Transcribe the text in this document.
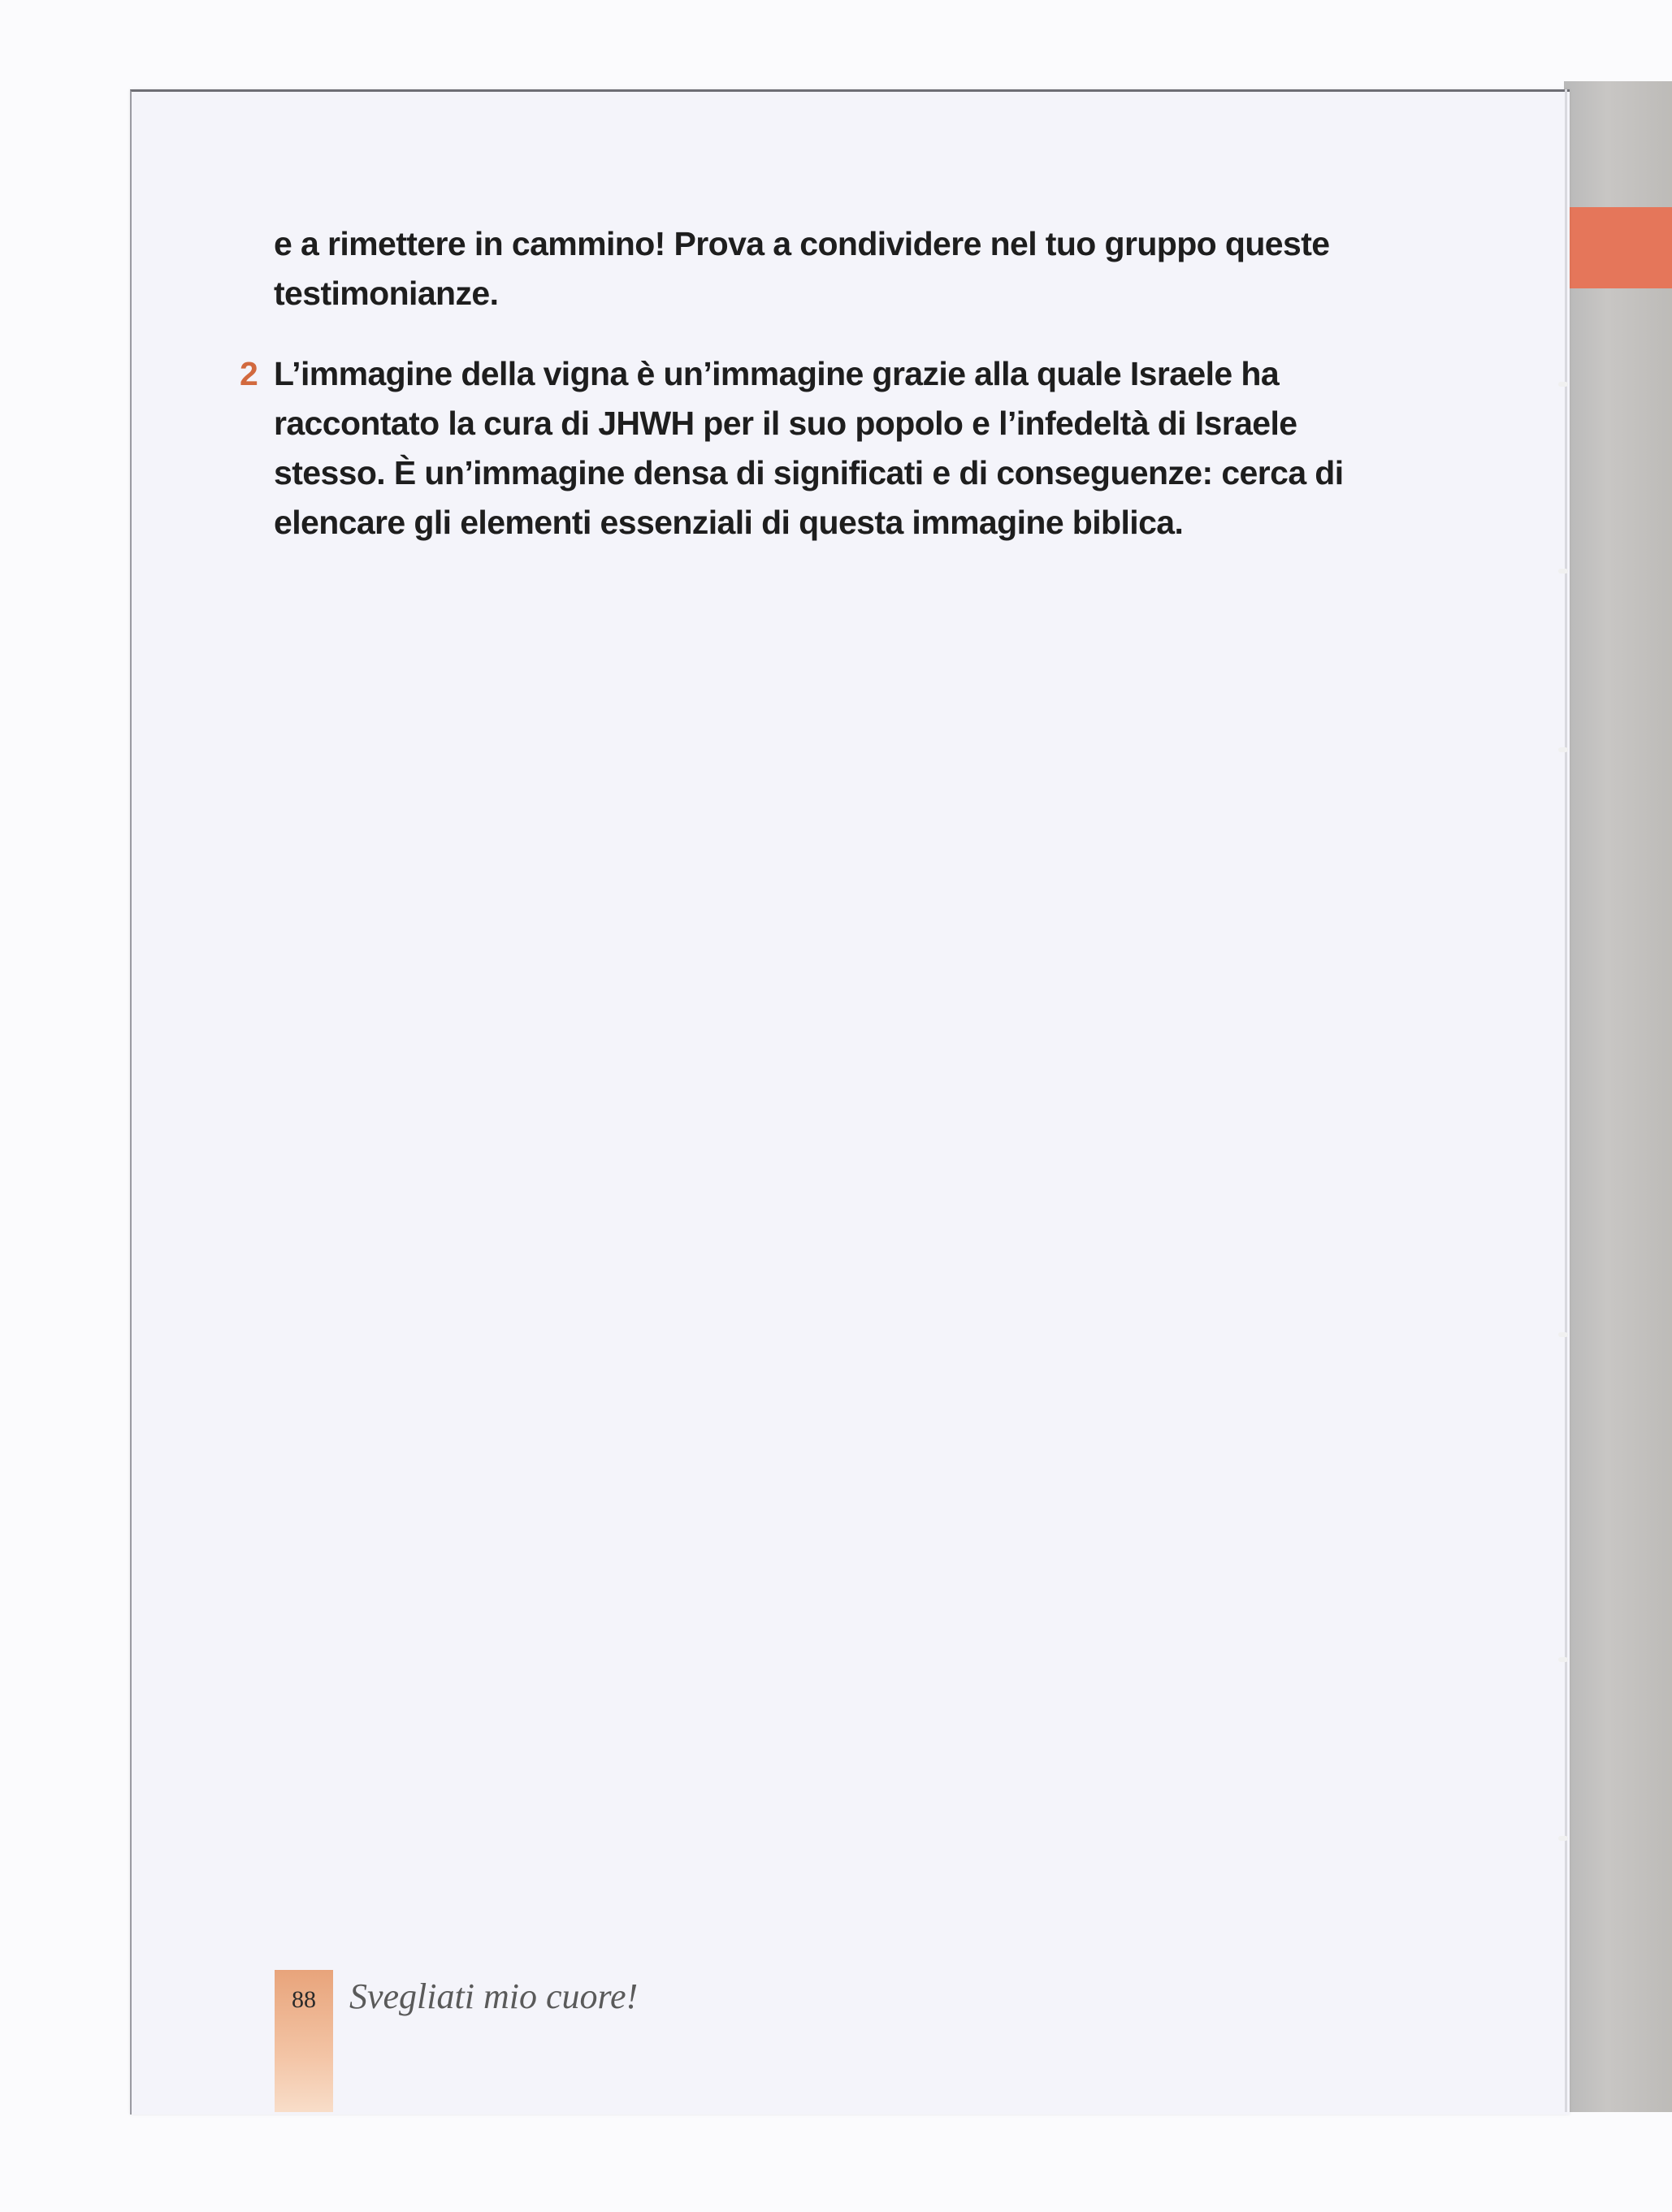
e a rimettere in cammino! Prova a condividere nel tuo gruppo queste testimonianze.

2 L’immagine della vigna è un’immagine grazie alla quale Israele ha raccontato la cura di JHWH per il suo popolo e l’infedeltà di Israele stesso. È un’immagine densa di significati e di conseguenze: cerca di elencare gli elementi essenziali di questa immagine biblica.

88 Svegliati mio cuore!
